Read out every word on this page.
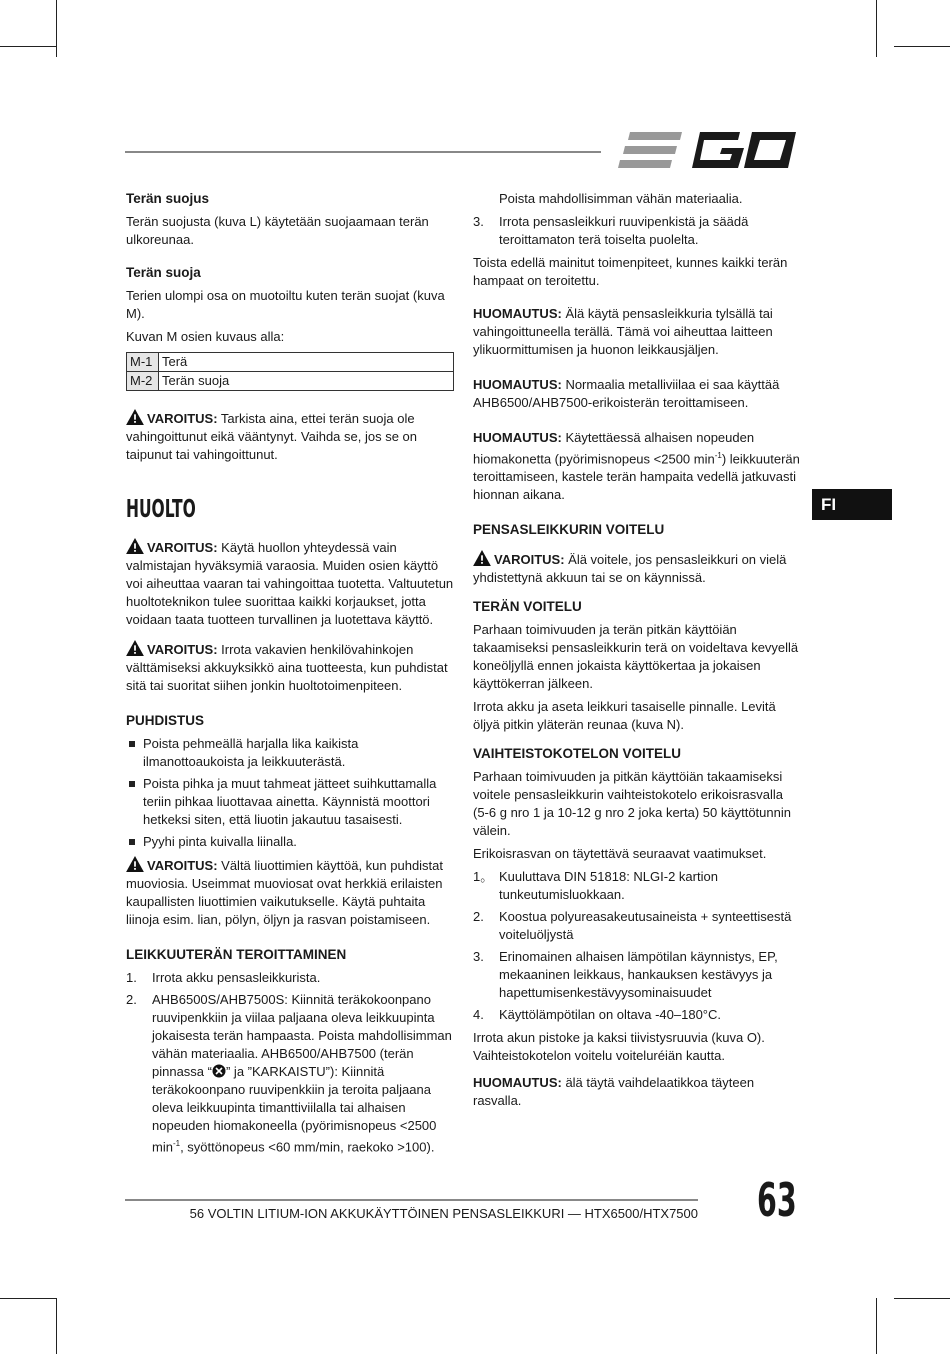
Terän suojus

Terän suojusta (kuva L) käytetään suojaamaan terän ulkoreunaa.

Terän suoja

Terien ulompi osa on muotoiltu kuten terän suojat (kuva M).

Kuvan M osien kuvaus alla:

M-1	Terä
M-2	Terän suoja

VAROITUS: Tarkista aina, ettei terän suoja ole vahingoittunut eikä vääntynyt. Vaihda se, jos se on taipunut tai vahingoittunut.

HUOLTO

VAROITUS: Käytä huollon yhteydessä vain valmistajan hyväksymiä varaosia. Muiden osien käyttö voi aiheuttaa vaaran tai vahingoittaa tuotetta. Valtuutetun huoltoteknikon tulee suorittaa kaikki korjaukset, jotta voidaan taata tuotteen turvallinen ja luotettava käyttö.

VAROITUS: Irrota vakavien henkilövahinkojen välttämiseksi akkuyksikkö aina tuotteesta, kun puhdistat sitä tai suoritat siihen jonkin huoltotoimenpiteen.

PUHDISTUS
Poista pehmeällä harjalla lika kaikista ilmanottoaukoista ja leikkuuterästä.
Poista pihka ja muut tahmeat jätteet suihkuttamalla teriin pihkaa liuottavaa ainetta. Käynnistä moottori hetkeksi siten, että liuotin jakautuu tasaisesti.
Pyyhi pinta kuivalla liinalla.

VAROITUS: Vältä liuottimien käyttöä, kun puhdistat muoviosia. Useimmat muoviosat ovat herkkiä erilaisten kaupallisten liuottimien vaikutukselle. Käytä puhtaita liinoja esim. lian, pölyn, öljyn ja rasvan poistamiseen.

LEIKKUUTERÄN TEROITTAMINEN
1. Irrota akku pensasleikkurista.
2. AHB6500S/AHB7500S: Kiinnitä teräkokoonpano ruuvipenkkiin ja viilaa paljaana oleva leikkuupinta jokaisesta terän hampaasta. Poista mahdollisimman vähän materiaalia. AHB6500/AHB7500 (terän pinnassa “ ” ja ”KARKAISTU”): Kiinnitä teräkokoonpano ruuvipenkkiin ja teroita paljaana oleva leikkuupinta timanttiviilalla tai alhaisen nopeuden hiomakoneella (pyörimisnopeus <2500 $\min^{-1}$, syöttönopeus <60 mm/min, raekoko >100).

Poista mahdollisimman vähän materiaalia.

3. Irrota pensasleikkuri ruuvipenkistä ja säädä teroittamaton terä toiselta puolelta.

Toista edellä mainitut toimenpiteet, kunnes kaikki terän hampaat on teroitettu.

HUOMAUTUS: Älä käytä pensasleikkuria tylsällä tai vahingoittuneella terällä. Tämä voi aiheuttaa laitteen ylikuormittumisen ja huonon leikkausjäljen.

HUOMAUTUS: Normaalia metalliviilaa ei saa käyttää AHB6500/AHB7500-erikoisterän teroittamiseen.

HUOMAUTUS: Käytettäessä alhaisen nopeuden hiomakonetta (pyörimisnopeus <2500 $\min^{-1}$) leikkuuterän teroittamiseen, kastele terän hampaita vedellä jatkuvasti hionnan aikana.

PENSASLEIKKURIN VOITELU

VAROITUS: Älä voitele, jos pensasleikkuri on vielä yhdistettynä akkuun tai se on käynnissä.

TERÄN VOITELU

Parhaan toimivuuden ja terän pitkän käyttöiän takaamiseksi pensasleikkurin terä on voideltava kevyellä koneöljyllä ennen jokaista käyttökertaa ja jokaisen käyttökerran jälkeen.

Irrota akku ja aseta leikkuri tasaiselle pinnalle. Levitä öljyä pitkin yläterän reunaa (kuva N).

VAIHTEISTOKOTELON VOITELU

Parhaan toimivuuden ja pitkän käyttöiän takaamiseksi voitele pensasleikkurin vaihteistokotelo erikoisrasvalla (5-6 g nro 1 ja 10-12 g nro 2 joka kerta) 50 käyttötunnin välein.

Erikoisrasvan on täytettävä seuraavat vaatimukset.

1。 Kuuluttava DIN 51818: NLGI-2 kartion tunkeutumisluokkaan.
2. Koostua polyureasakeutusaineista + synteettisestä voiteluöljystä
3. Erinomainen alhaisen lämpötilan käynnistys, EP, mekaaninen leikkaus, hankauksen kestävyys ja hapettumisenkestävyysominaisuudet
4. Käyttölämpötilan on oltava -40–180°C.

Irrota akun pistoke ja kaksi tiivistysruuvia (kuva O). Vaihteistokotelon voitelu voiteluréiän kautta.

HUOMAUTUS: älä täytä vaihdelaatikkoa täyteen rasvalla.

FI
56 VOLTIN LITIUM-ION AKKUKÄYTTÖINEN PENSASLEIKKURI — HTX6500/HTX7500 63
